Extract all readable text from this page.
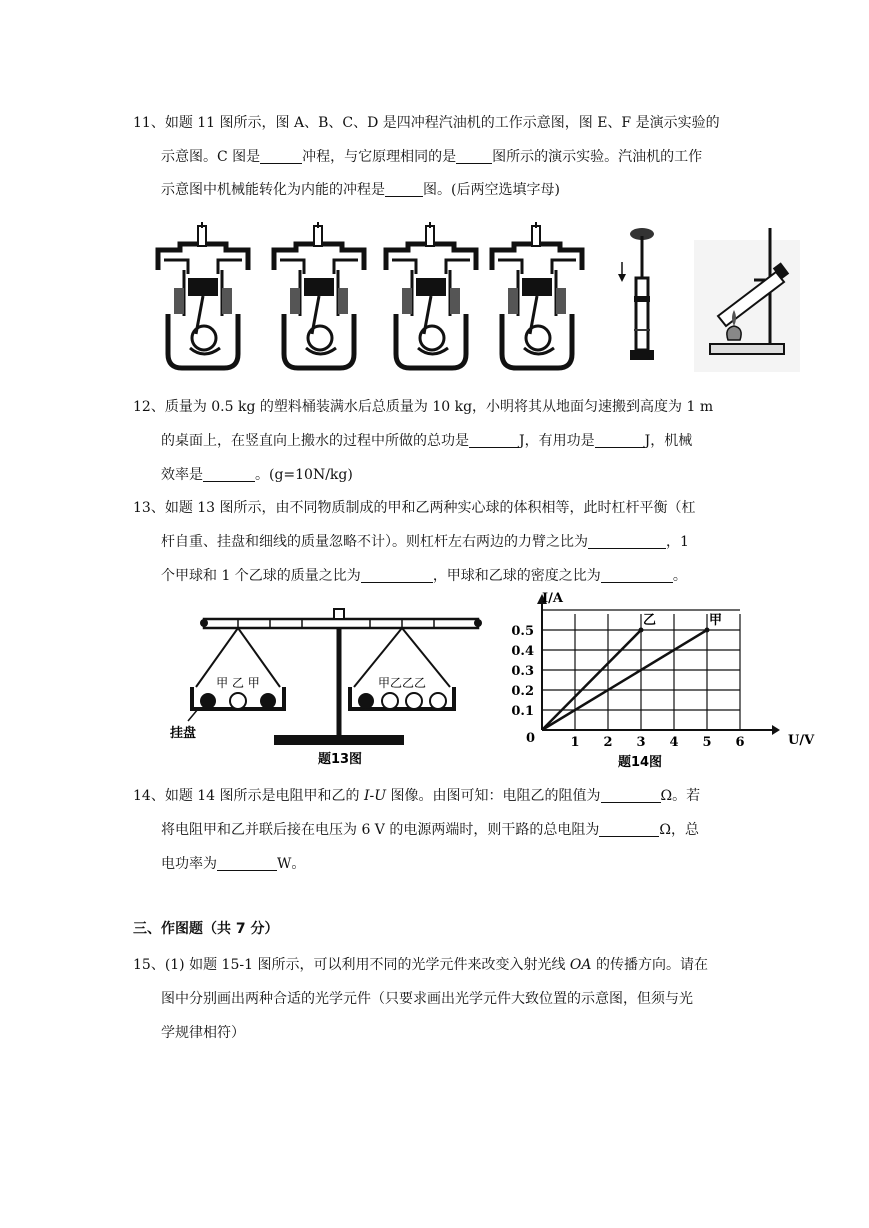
11、如题 11 图所示，图 A、B、C、D 是四冲程汽油机的工作示意图，图 E、F 是演示实验的
示意图。C 图是	冲程，与它原理相同的是	图所示的演示实验。汽油机的工作
示意图中机械能转化为内能的冲程是	图。(后两空选填字母)
12、质量为 0.5 kg 的塑料桶装满水后总质量为 10 kg，小明将其从地面匀速搬到高度为 1 m
的桌面上，在竖直向上搬水的过程中所做的总功是	J，有用功是	J，机械
效率是	。(g=10N/kg)
13、如题 13 图所示，由不同物质制成的甲和乙两种实心球的体积相等，此时杠杆平衡（杠
杆自重、挂盘和细线的质量忽略不计）。则杠杆左右两边的力臂之比为	，1
个甲球和 1 个乙球的质量之比为	，甲球和乙球的密度之比为	。
甲 乙 甲	甲乙乙乙
挂盘
题13图
1 2 3 4 5 6
0.1
0.2
0.3
0.4
0.5
乙	甲
I/A
U/V
0
题14图
14、如题 14 图所示是电阻甲和乙的 I-U 图像。由图可知：电阻乙的阻值为	Ω。若
将电阻甲和乙并联后接在电压为 6 V 的电源两端时，则干路的总电阻为	Ω，总
电功率为	W。
三、作图题（共 7 分）
15、(1) 如题 15-1 图所示，可以利用不同的光学元件来改变入射光线 OA 的传播方向。请在
图中分别画出两种合适的光学元件（只要求画出光学元件大致位置的示意图，但须与光
学规律相符）
